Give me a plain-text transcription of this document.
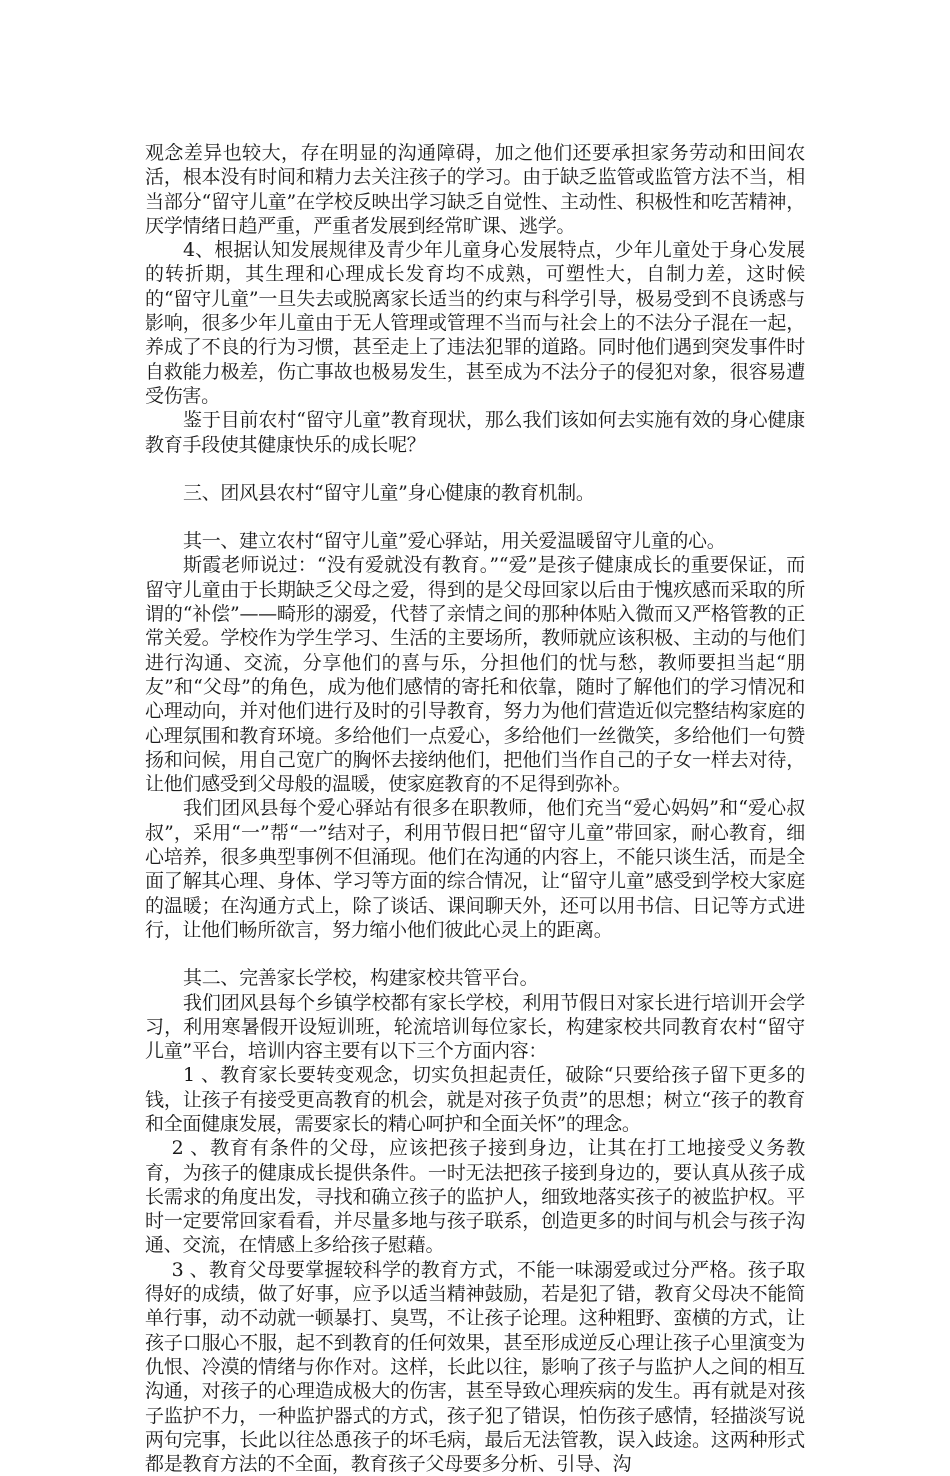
观念差异也较大，存在明显的沟通障碍，加之他们还要承担家务劳动和田间农活，根本没有时间和精力去关注孩子的学习。由于缺乏监管或监管方法不当，相当部分“留守儿童”在学校反映出学习缺乏自觉性、主动性、积极性和吃苦精神，厌学情绪日趋严重，严重者发展到经常旷课、逃学。

4、根据认知发展规律及青少年儿童身心发展特点，少年儿童处于身心发展的转折期，其生理和心理成长发育均不成熟，可塑性大，自制力差，这时候的“留守儿童”一旦失去或脱离家长适当的约束与科学引导，极易受到不良诱惑与影响，很多少年儿童由于无人管理或管理不当而与社会上的不法分子混在一起，养成了不良的行为习惯，甚至走上了违法犯罪的道路。同时他们遇到突发事件时自救能力极差，伤亡事故也极易发生，甚至成为不法分子的侵犯对象，很容易遭受伤害。

鉴于目前农村“留守儿童”教育现状，那么我们该如何去实施有效的身心健康教育手段使其健康快乐的成长呢？

三、团风县农村“留守儿童”身心健康的教育机制。

其一、建立农村“留守儿童”爱心驿站，用关爱温暖留守儿童的心。

斯霞老师说过：“没有爱就没有教育。”“爱”是孩子健康成长的重要保证，而留守儿童由于长期缺乏父母之爱，得到的是父母回家以后由于愧疚感而采取的所谓的“补偿”——畸形的溺爱，代替了亲情之间的那种体贴入微而又严格管教的正常关爱。学校作为学生学习、生活的主要场所，教师就应该积极、主动的与他们进行沟通、交流，分享他们的喜与乐，分担他们的忧与愁，教师要担当起“朋友”和“父母”的角色，成为他们感情的寄托和依靠，随时了解他们的学习情况和心理动向，并对他们进行及时的引导教育，努力为他们营造近似完整结构家庭的心理氛围和教育环境。多给他们一点爱心，多给他们一丝微笑，多给他们一句赞扬和问候，用自己宽广的胸怀去接纳他们，把他们当作自己的子女一样去对待，让他们感受到父母般的温暖，使家庭教育的不足得到弥补。

我们团风县每个爱心驿站有很多在职教师，他们充当“爱心妈妈”和“爱心叔叔”，采用“一”帮“一”结对子，利用节假日把“留守儿童”带回家，耐心教育，细心培养，很多典型事例不但涌现。他们在沟通的内容上，不能只谈生活，而是全面了解其心理、身体、学习等方面的综合情况，让“留守儿童”感受到学校大家庭的温暖；在沟通方式上，除了谈话、课间聊天外，还可以用书信、日记等方式进行，让他们畅所欲言，努力缩小他们彼此心灵上的距离。

其二、完善家长学校，构建家校共管平台。

我们团风县每个乡镇学校都有家长学校，利用节假日对家长进行培训开会学习，利用寒暑假开设短训班，轮流培训每位家长，构建家校共同教育农村“留守儿童”平台，培训内容主要有以下三个方面内容：

1 、教育家长要转变观念，切实负担起责任，破除“只要给孩子留下更多的钱，让孩子有接受更高教育的机会，就是对孩子负责”的思想；树立“孩子的教育和全面健康发展，需要家长的精心呵护和全面关怀”的理念。

2 、教育有条件的父母，应该把孩子接到身边，让其在打工地接受义务教育，为孩子的健康成长提供条件。一时无法把孩子接到身边的，要认真从孩子成长需求的角度出发，寻找和确立孩子的监护人，细致地落实孩子的被监护权。平时一定要常回家看看，并尽量多地与孩子联系，创造更多的时间与机会与孩子沟通、交流，在情感上多给孩子慰藉。

3 、教育父母要掌握较科学的教育方式，不能一味溺爱或过分严格。孩子取得好的成绩，做了好事，应予以适当精神鼓励，若是犯了错，教育父母决不能简单行事，动不动就一顿暴打、臭骂，不让孩子论理。这种粗野、蛮横的方式，让孩子口服心不服，起不到教育的任何效果，甚至形成逆反心理让孩子心里演变为仇恨、冷漠的情绪与你作对。这样，长此以往，影响了孩子与监护人之间的相互沟通，对孩子的心理造成极大的伤害，甚至导致心理疾病的发生。再有就是对孩子监护不力，一种监护器式的方式，孩子犯了错误，怕伤孩子感情，轻描淡写说两句完事，长此以往怂恿孩子的坏毛病，最后无法管教，误入歧途。这两种形式都是教育方法的不全面，教育孩子父母要多分析、引导、沟
